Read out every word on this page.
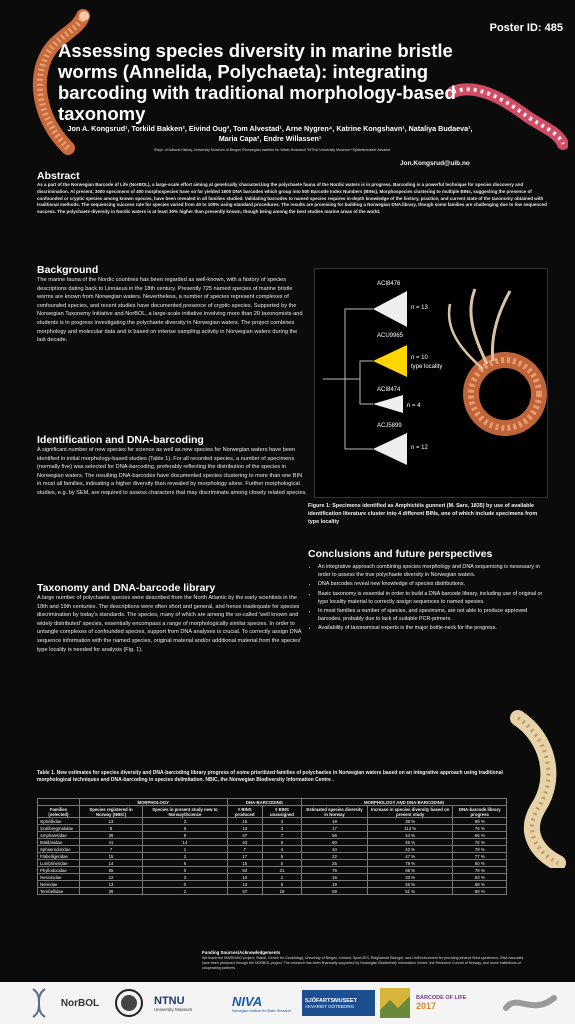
Poster ID: 485
Assessing species diversity in marine bristle worms (Annelida, Polychaeta): integrating barcoding with traditional morphology-based taxonomy
Jon A. Kongsrud¹, Torkild Bakken², Eivind Oug³, Tom Alvestad¹, Arne Nygren⁴, Katrine Kongshavn¹, Nataliya Budaeva¹, Maria Capa², Endre Willassen¹
¹Dept. of Natural History, University Museum of Bergen ²Norwegian Institute for Water Research ³NTNU University Museum ⁴Sjöfartsmuseet Akvariet
Jon.Kongsrud@uib.no

Abstract

As a part of the Norwegian Barcode of Life (NorBOL), a large-scale effort aiming at genetically characterizing the polychaete fauna of the Nordic waters is in progress. Barcoding is a powerful technique for species discovery and discrimination. At present, 3000 specimens of 400 morphospecies have so far yielded 1600 DNA barcodes which group into 500 Barcode Index Numbers (BINs). Morphospecies clustering to multiple BINs, suggesting the presence of confounded or cryptic species among known species, have been revealed in all families studied. Validating barcodes to named species requires in-depth knowledge of the history, practice, and current state of the taxonomy obtained with traditional methods. The sequencing success rate for species varied from 40 to 100% using standard procedures. The results are promising for building a Norwegian DNA library, though some families are challenging due to low sequenced success. The polychaete diversity in Nordic waters is at least 30% higher than presently known, though being among the best studies marine areas of the world.

Background

The marine fauna of the Nordic countries has been regarded as well-known, with a history of species descriptions dating back to Linnaeus in the 18th century. Presently 725 named species of marine bristle worms are known from Norwegian waters. Nevertheless, a number of species represent complexes of confounded species, and recent studies have documented presence of cryptic species. Supported by the Norwegian Taxonomy Initiative and NorBOL, a large-scale initiative involving more than 20 taxonomists and students is in progress investigating the polychaete diversity in Norwegian waters. The project combines morphology and molecular data and is based on intense sampling activity in Norwegian waters during the last decade.

Identification and DNA-barcoding

A significant number of new species for science as well as new species for Norwegian waters have been identified in initial morphology-based studies (Table 1). For all recorded species, a number of specimens (normally five) was selected for DNA-barcoding, preferably reflecting the distribution of the species in Norwegian waters. The resulting DNA-barcodes have documented species clustering to more than one BIN in most all families, indicating a higher diversity than revealed by morphology alone. Further morphological studies, e.g. by SEM, are required to assess characters that may discriminate among closely related species.

Taxonomy and DNA-barcode library

A large number of polychaete species were described from the North Atlantic by the early scientists in the 18th and 19th centuries. The descriptions were often short and general, and hence inadequate for species discrimination by today's standards. The species, many of which are among the so-called 'well known and widely distributed' species, essentially encompass a range of morphologically similar species. In order to untangle complexes of confounded species, support from DNA analyses is crucial. To correctly assign DNA sequence information with the named species, original material and/or additional material from the species' type locality is needed for analysis (Fig. 1).

ACI8476
n = 13
ACU9965
n = 10
type locality
ACI8474
n = 4
ACJ5899
n = 12
Figure 1: Specimens identified as Amphictéis gunneri (M. Sars, 1835) by use of available identification literature cluster into 4 different BINs, one of which include specimens from type locality

Conclusions and future perspectives

• An integrative approach combining species morphology and DNA sequencing is necessary in order to assess the true polychaete diversity in Norwegian waters.
• DNA barcodes reveal new knowledge of species distributions.
• Basic taxonomy is essential in order to build a DNA barcode library, including use of original or type locality material to correctly assign sequences to named species.
• In most families a number of species, and specimens, are not able to produce approved barcodes, probably due to lack of suitable PCR-primers.
• Availability of taxonomical experts is the major bottle-neck for the progress.
Table 1. New estimates for species diversity and DNA-barcoding library progress of some prioritized families of polychaetes in Norwegian waters based on an integrative approach using traditional morphological techniques and DNA-barcoding in species delimitation. NBIC, the Norwegian Biodiversity Information Centre .
	MORPHOLOGY		DNA-BARCODING		MORPHOLOGY AND DNA-BARCODING		
Families (selected)	Species registered in Norway (NBIC)	Species in present study new to Norway/Science	# BINS produced	# BINS unassigned	Estimated species diversity in Norway	Increase in species diversity based on present study	DNA-barcode library progress
Ophelliidae	13	2	16	3	18	38 %	89 %
Scalibregmatidae	8	6	13	3	17	113 %	76 %
Ampharetidae	39	9	37	7	56	44 %	66 %
Maldanidae	41	14	43	5	60	46 %	72 %
Sphaerodoridae	7	1	7	4	10	43 %	70 %
Flabelligeridae	15	2	17	5	22	47 %	77 %
Lumbrineridae	14	6	15	5	25	79 %	60 %
Phyllodocidae	55	0	53	21	76	38 %	70 %
Hesionidae	12	3	10	1	16	33 %	63 %
Nereidae	13	0	13	6	19	46 %	68 %
Terebellidae	39	2	47	18	59	51 %	80 %
Funding Sources/Acknowledgements
We thank the MAREANO project, Statoil, Centre for Geobiology, University of Bergen, Iceland, SponGES, Ridgliwinde Biologer, and UniEnvironment for providing ethanol fixed specimens. DNA barcodes have been produced through the NORBOL project. The research has been financially supported by Norwegian Biodiversity Information Centre, the Research Council of Norway, and home institutions of cooperating partners.
NorBOL	NTNU
University Museum
NIVA
Norwegian Institute for Water Research
SJÖFARTSMUSEET
AKVARIET GÖTEBORG
BARCODE OF LIFE
2017
